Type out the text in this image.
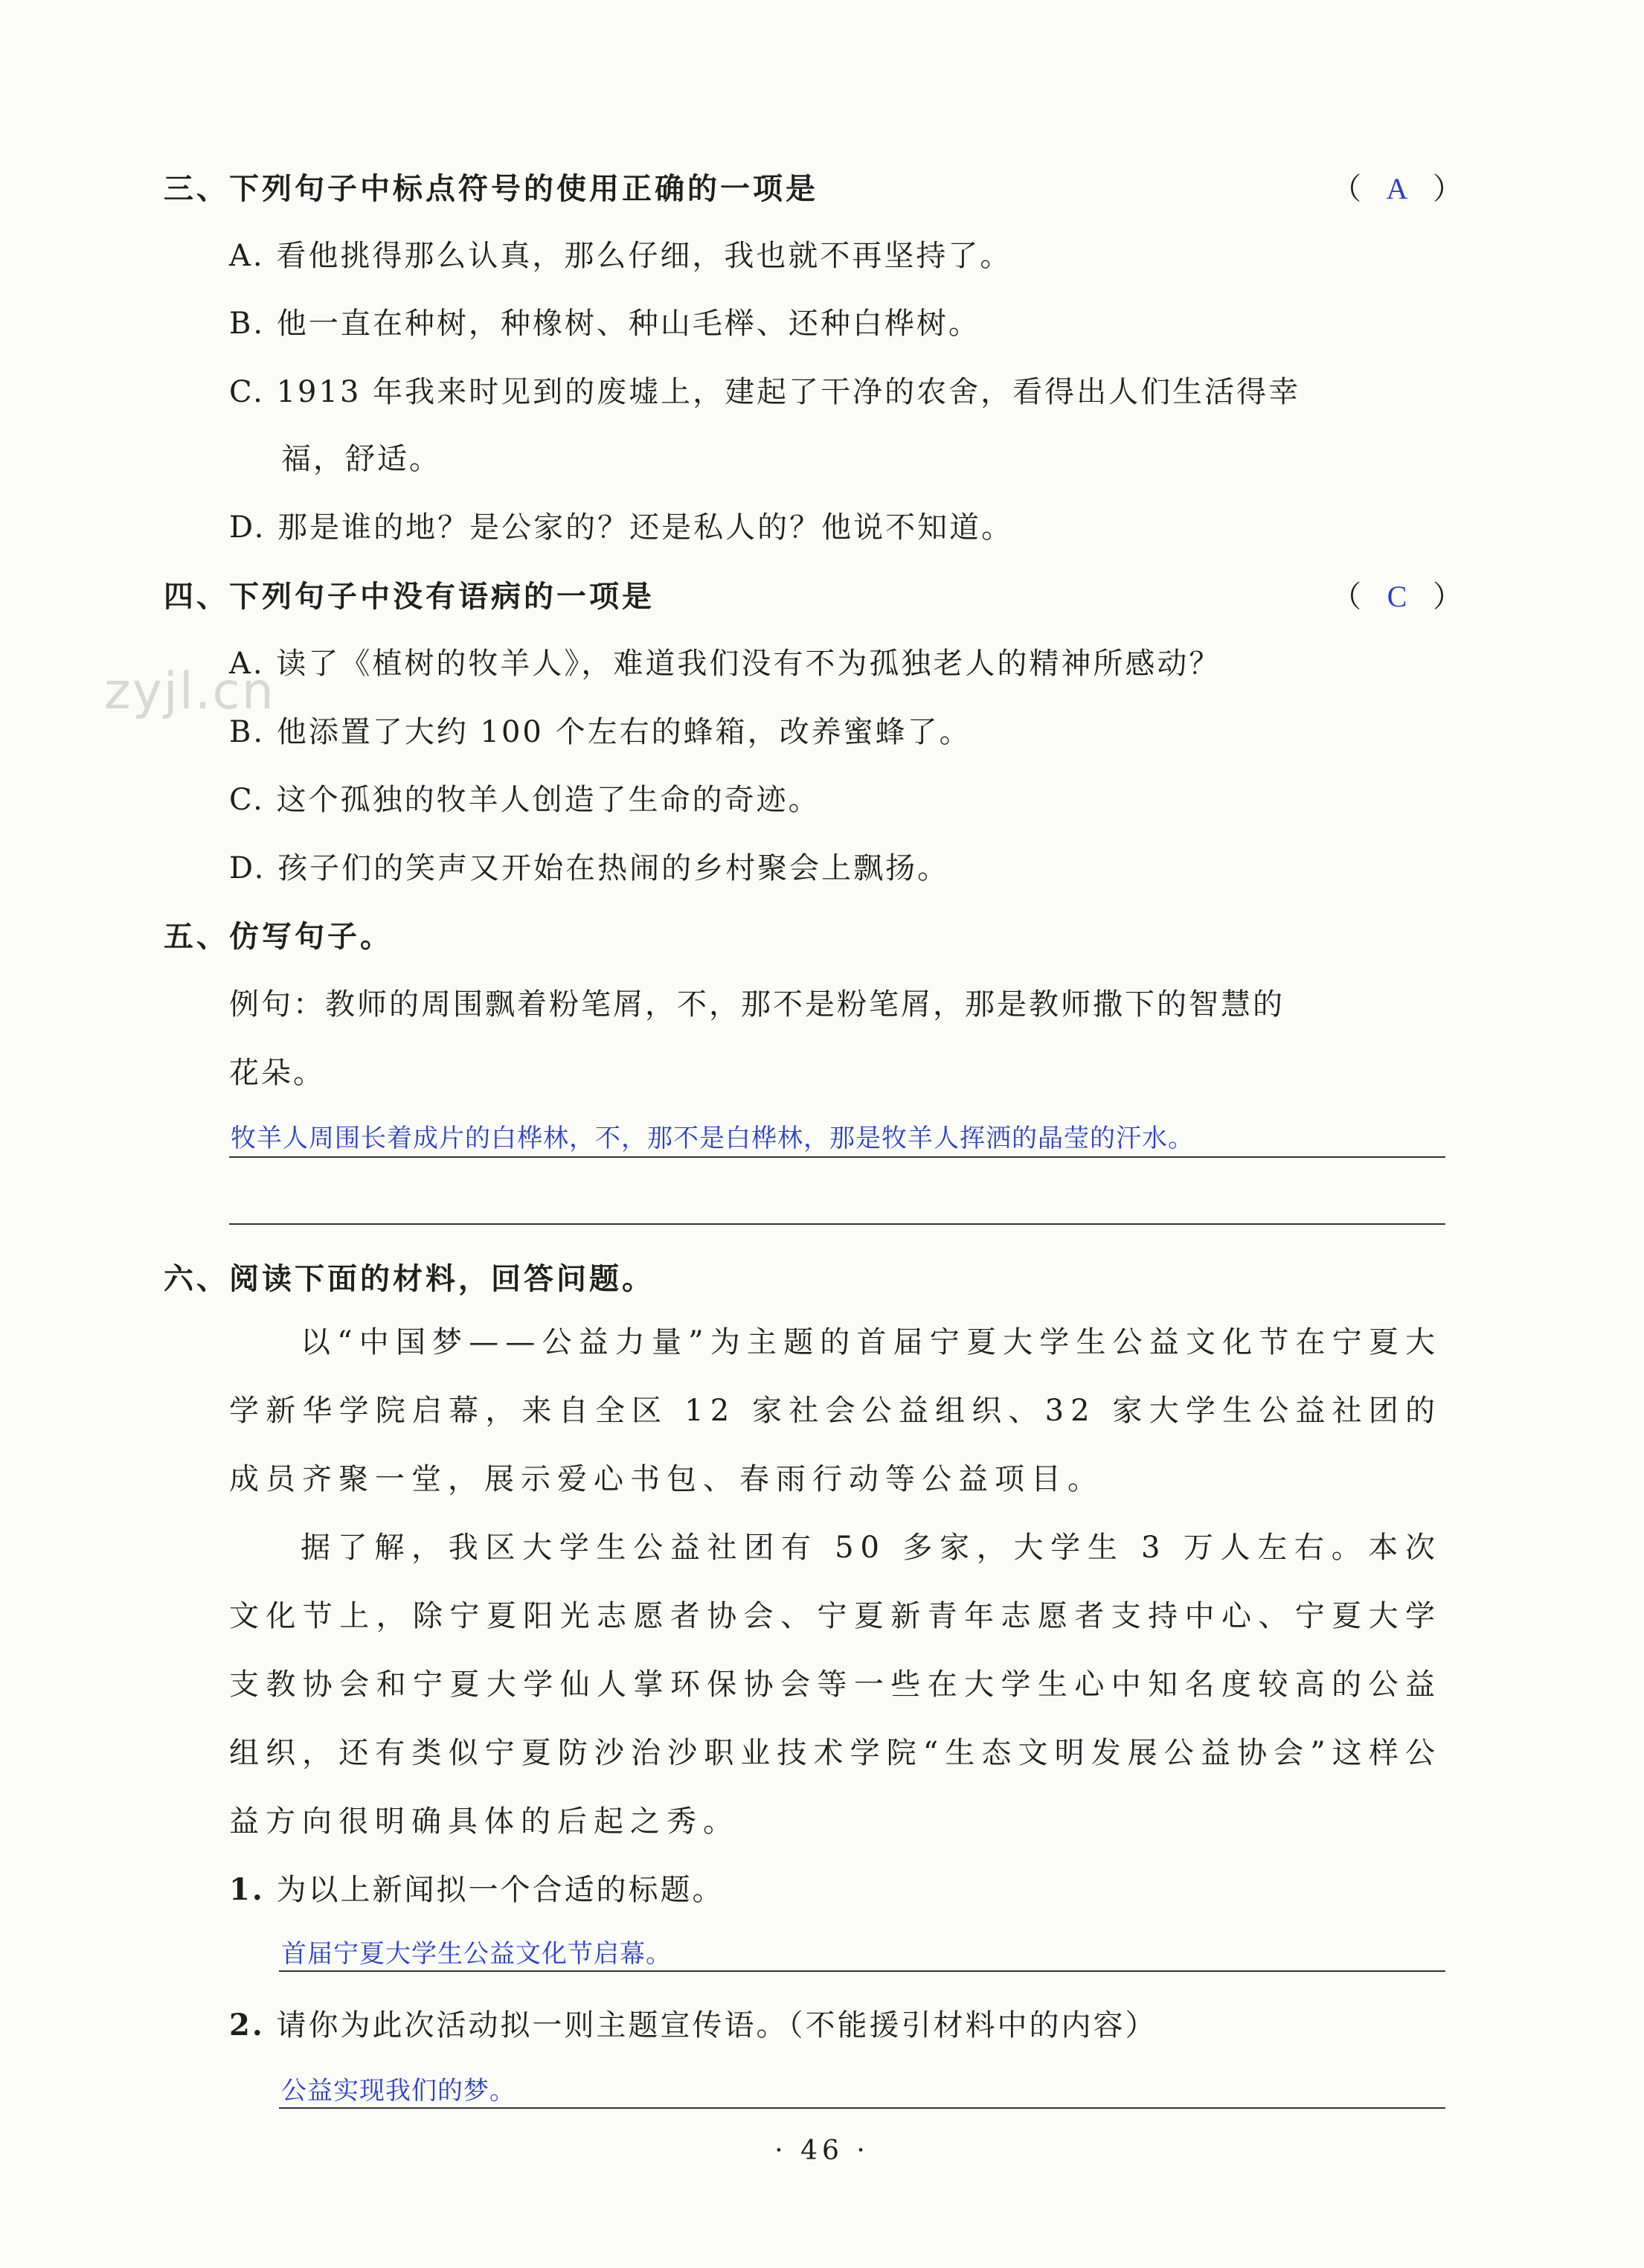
zyjl.cn
三、下列句子中标点符号的使用正确的一项是	（ A ）
A. 看他挑得那么认真，那么仔细，我也就不再坚持了。
B. 他一直在种树，种橡树、种山毛榉、还种白桦树。
C. 1913 年我来时见到的废墟上，建起了干净的农舍，看得出人们生活得幸
福，舒适。
D. 那是谁的地？是公家的？还是私人的？他说不知道。
四、下列句子中没有语病的一项是	（ C ）
A. 读了《植树的牧羊人》，难道我们没有不为孤独老人的精神所感动？
B. 他添置了大约 100 个左右的蜂箱，改养蜜蜂了。
C. 这个孤独的牧羊人创造了生命的奇迹。
D. 孩子们的笑声又开始在热闹的乡村聚会上飘扬。
五、仿写句子。
例句：教师的周围飘着粉笔屑，不，那不是粉笔屑，那是教师撒下的智慧的
花朵。
牧羊人周围长着成片的白桦林，不，那不是白桦林，那是牧羊人挥洒的晶莹的汗水。
六、阅读下面的材料，回答问题。
以“中国梦——公益力量”为主题的首届宁夏大学生公益文化节在宁夏大学新华学院启幕，来自全区 12 家社会公益组织、32 家大学生公益社团的成员齐聚一堂，展示爱心书包、春雨行动等公益项目。
据了解，我区大学生公益社团有 50 多家，大学生 3 万人左右。本次文化节上，除宁夏阳光志愿者协会、宁夏新青年志愿者支持中心、宁夏大学支教协会和宁夏大学仙人掌环保协会等一些在大学生心中知名度较高的公益组织，还有类似宁夏防沙治沙职业技术学院“生态文明发展公益协会”这样公益方向很明确具体的后起之秀。
1. 为以上新闻拟一个合适的标题。
首届宁夏大学生公益文化节启幕。
2. 请你为此次活动拟一则主题宣传语。（不能援引材料中的内容）
公益实现我们的梦。
· 46 ·
